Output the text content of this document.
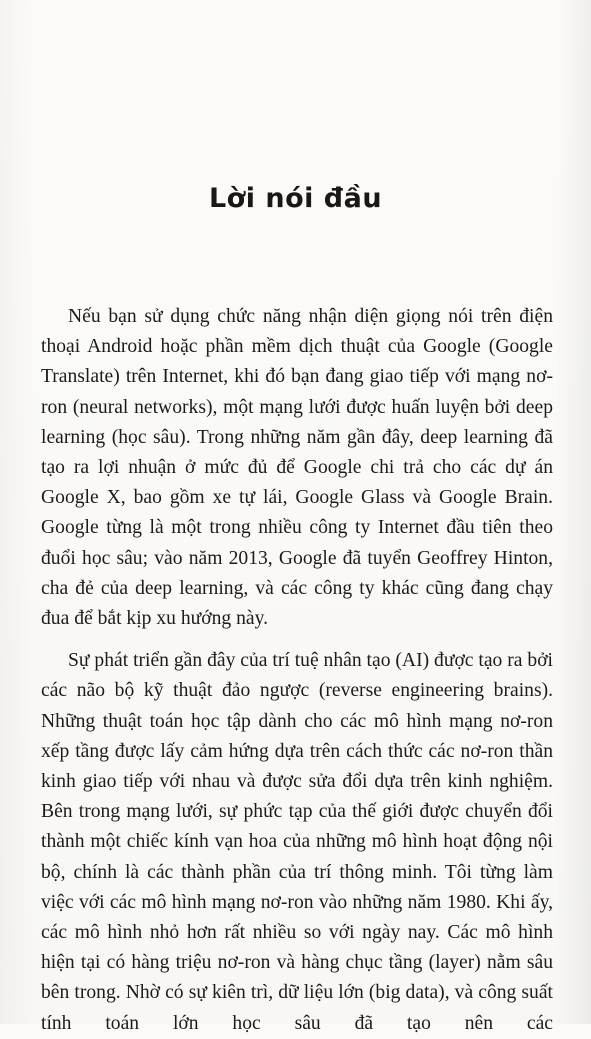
Lời nói đầu

Nếu bạn sử dụng chức năng nhận diện giọng nói trên điện thoại Android hoặc phần mềm dịch thuật của Google (Google Translate) trên Internet, khi đó bạn đang giao tiếp với mạng nơ-ron (neural networks), một mạng lưới được huấn luyện bởi deep learning (học sâu). Trong những năm gần đây, deep learning đã tạo ra lợi nhuận ở mức đủ để Google chi trả cho các dự án Google X, bao gồm xe tự lái, Google Glass và Google Brain. Google từng là một trong nhiều công ty Internet đầu tiên theo đuổi học sâu; vào năm 2013, Google đã tuyển Geoffrey Hinton, cha đẻ của deep learning, và các công ty khác cũng đang chạy đua để bắt kịp xu hướng này.

Sự phát triển gần đây của trí tuệ nhân tạo (AI) được tạo ra bởi các não bộ kỹ thuật đảo ngược (reverse engineering brains). Những thuật toán học tập dành cho các mô hình mạng nơ-ron xếp tầng được lấy cảm hứng dựa trên cách thức các nơ-ron thần kinh giao tiếp với nhau và được sửa đổi dựa trên kinh nghiệm. Bên trong mạng lưới, sự phức tạp của thế giới được chuyển đổi thành một chiếc kính vạn hoa của những mô hình hoạt động nội bộ, chính là các thành phần của trí thông minh. Tôi từng làm việc với các mô hình mạng nơ-ron vào những năm 1980. Khi ấy, các mô hình nhỏ hơn rất nhiều so với ngày nay. Các mô hình hiện tại có hàng triệu nơ-ron và hàng chục tầng (layer) nằm sâu bên trong. Nhờ có sự kiên trì, dữ liệu lớn (big data), và công suất tính toán lớn học sâu đã tạo nên các
